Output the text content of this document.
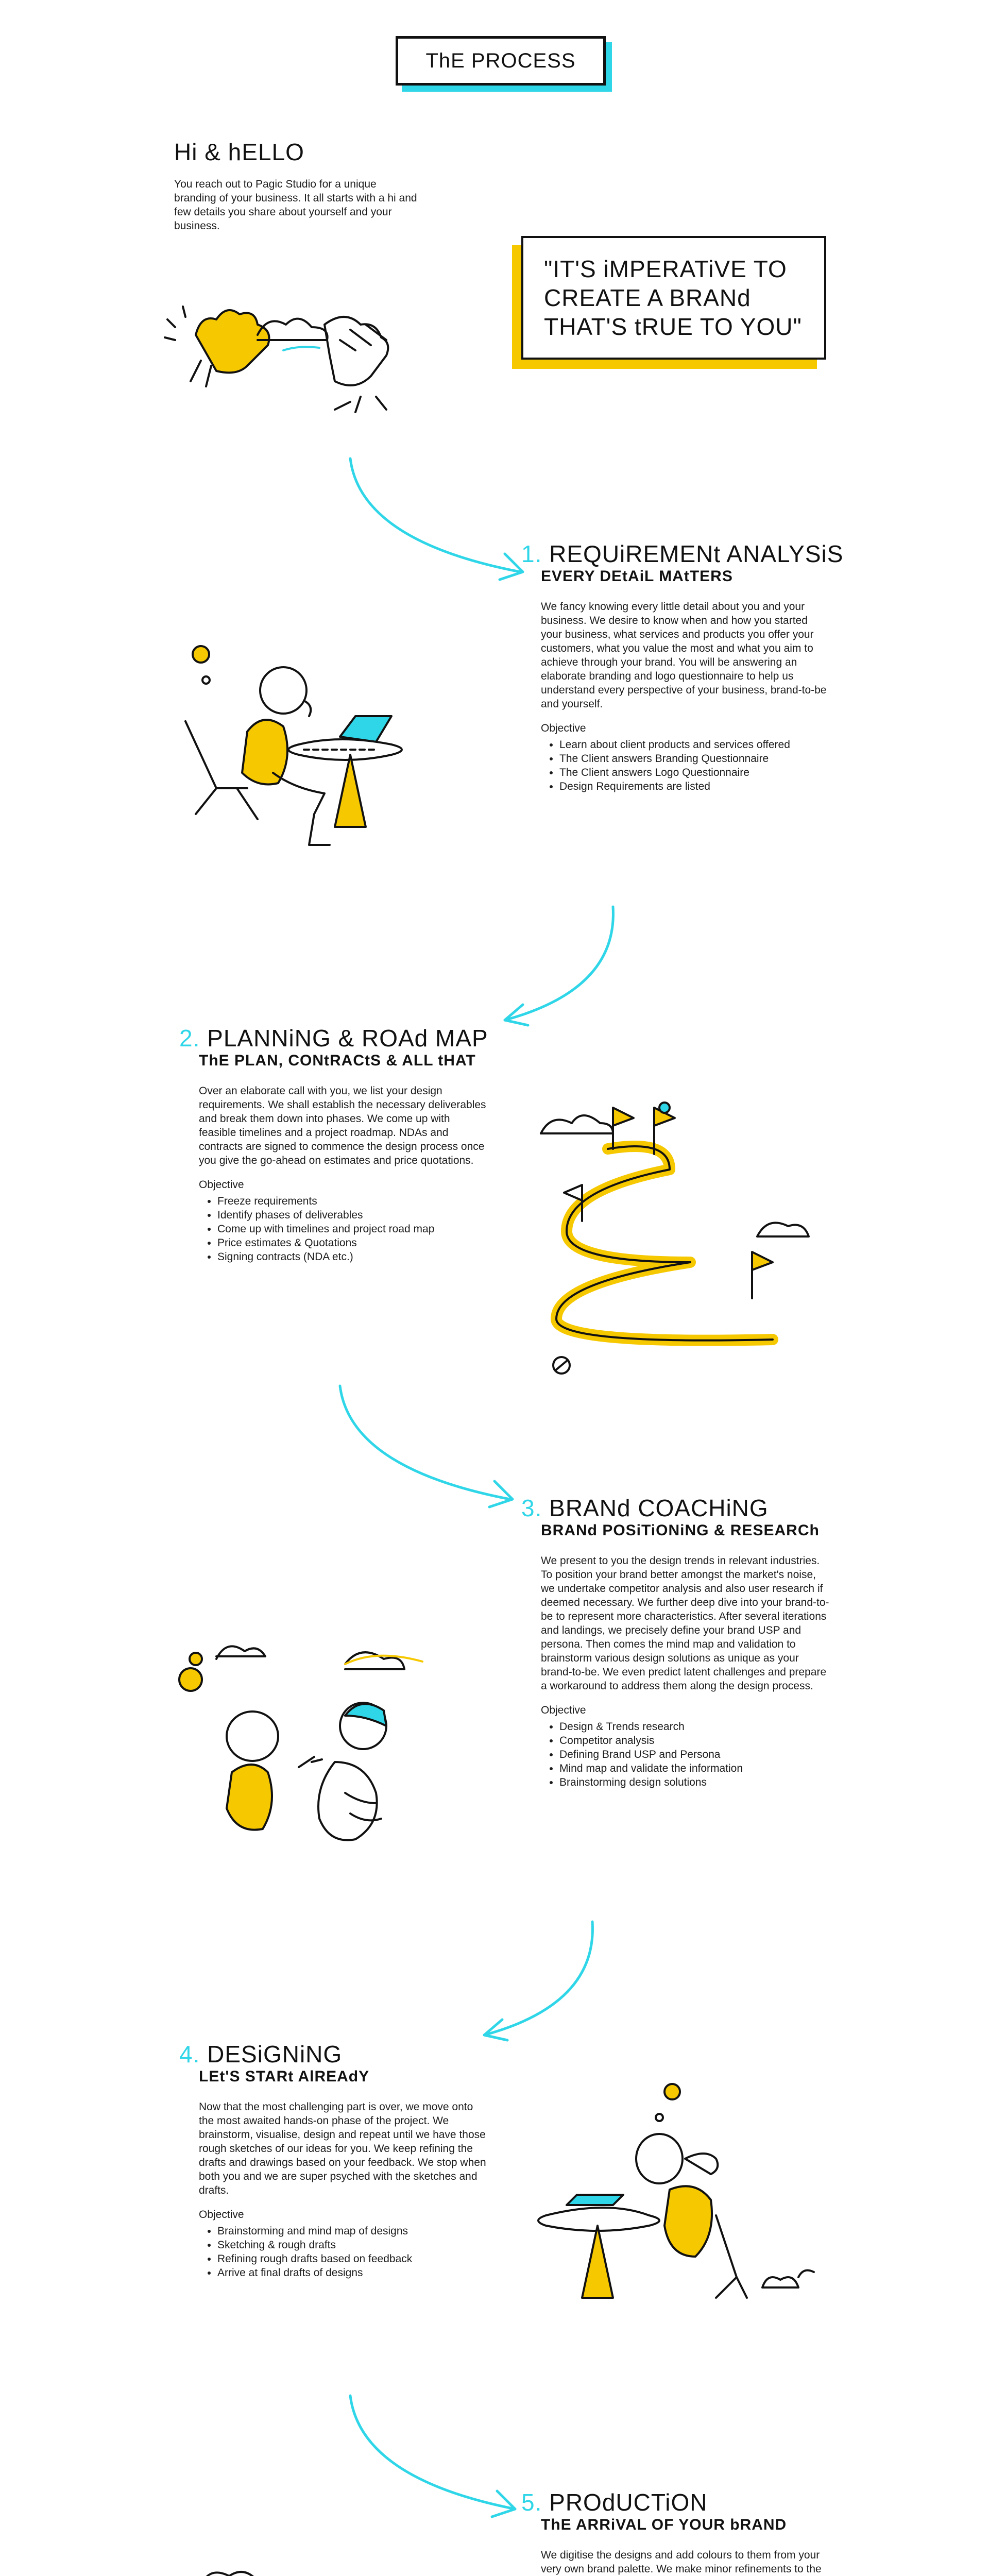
ThE PROCESS
Hi & hELLO
You reach out to Pagic Studio for a unique branding of your business. It all starts with a hi and few details you share about yourself and your business.
"IT'S iMPERATiVE TO CREATE A BRANd THAT'S tRUE TO YOU"
1. REQUiREMENt ANALYSiS
EVERY DEtAiL MAtTERS
We fancy knowing every little detail about you and your business. We desire to know when and how you started your business, what services and products you offer your customers, what you value the most and what you aim to achieve through your brand. You will be answering an elaborate branding and logo questionnaire to help us understand every perspective of your business, brand-to-be and yourself.
Objective
• Learn about client products and services offered
• The Client answers Branding Questionnaire
• The Client answers Logo Questionnaire
• Design Requirements are listed
2. PLANNiNG & ROAd MAP
ThE PLAN, CONtRACtS & ALL tHAT
Over an elaborate call with you, we list your design requirements. We shall establish the necessary deliverables and break them down into phases. We come up with feasible timelines and a project roadmap. NDAs and contracts are signed to commence the design process once you give the go-ahead on estimates and price quotations.
Objective
• Freeze requirements
• Identify phases of deliverables
• Come up with timelines and project road map
• Price estimates & Quotations
• Signing contracts (NDA etc.)
3. BRANd COACHiNG
BRANd POSiTiONiNG & RESEARCh
We present to you the design trends in relevant industries. To position your brand better amongst the market's noise, we undertake competitor analysis and also user research if deemed necessary. We further deep dive into your brand-to-be to represent more characteristics. After several iterations and landings, we precisely define your brand USP and persona. Then comes the mind map and validation to brainstorm various design solutions as unique as your brand-to-be. We even predict latent challenges and prepare a workaround to address them along the design process.
Objective
• Design & Trends research
• Competitor analysis
• Defining Brand USP and Persona
• Mind map and validate the information
• Brainstorming design solutions
4. DESiGNiNG
LEt'S STARt AlREAdY
Now that the most challenging part is over, we move onto the most awaited hands-on phase of the project. We brainstorm, visualise, design and repeat until we have those rough sketches of our ideas for you. We keep refining the drafts and drawings based on your feedback. We stop when both you and we are super psyched with the sketches and drafts.
Objective
• Brainstorming and mind map of designs
• Sketching & rough drafts
• Refining rough drafts based on feedback
• Arrive at final drafts of designs
5. PROdUCTiON
ThE ARRiVAL OF YOUR bRAND
We digitise the designs and add colours to them from your very own brand palette. We make minor refinements to the
